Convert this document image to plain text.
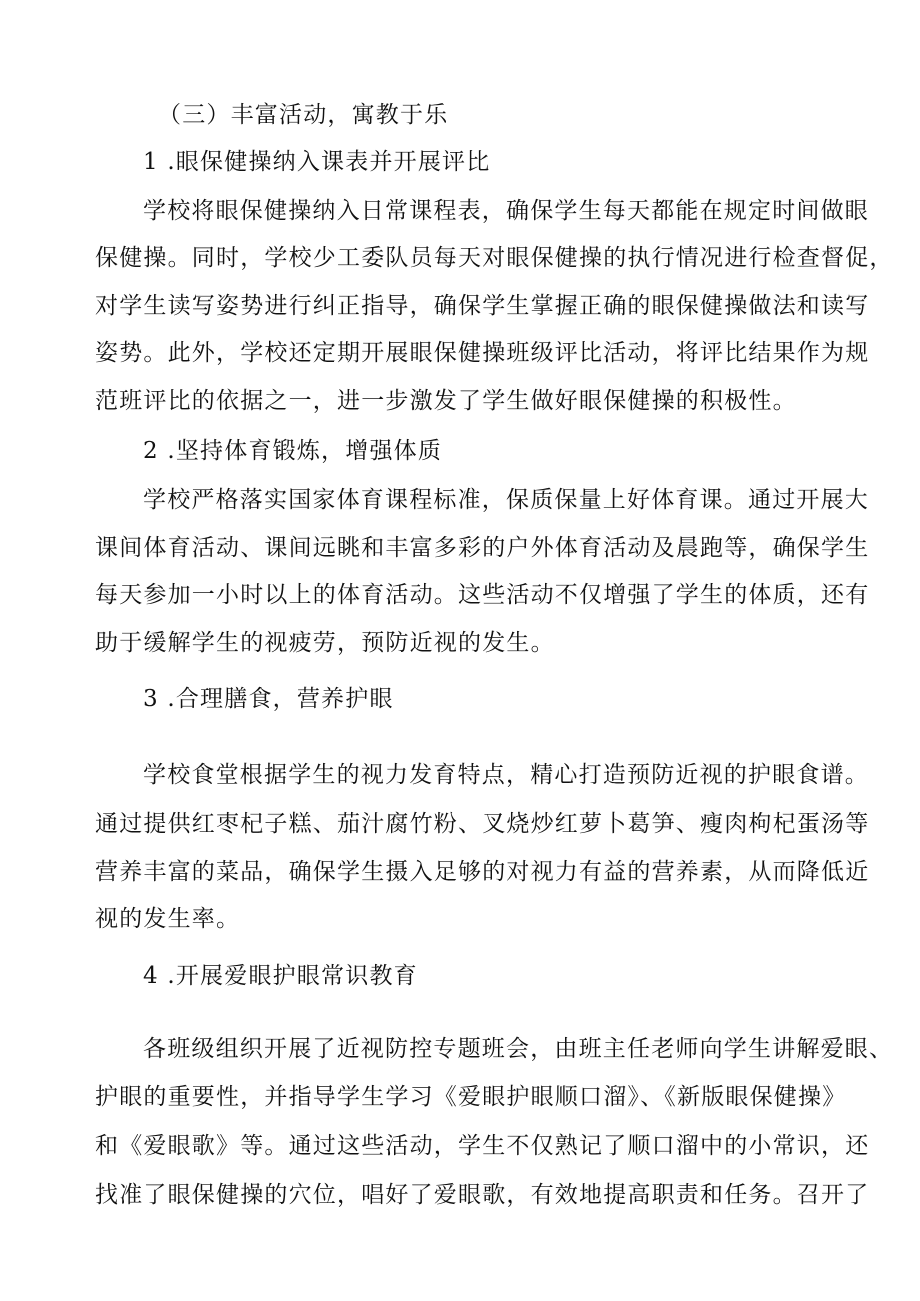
（三）丰富活动，寓教于乐
1 .眼保健操纳入课表并开展评比
学校将眼保健操纳入日常课程表，确保学生每天都能在规定时间做眼
保健操。同时，学校少工委队员每天对眼保健操的执行情况进行检查督促，
对学生读写姿势进行纠正指导，确保学生掌握正确的眼保健操做法和读写
姿势。此外，学校还定期开展眼保健操班级评比活动，将评比结果作为规
范班评比的依据之一，进一步激发了学生做好眼保健操的积极性。
2 .坚持体育锻炼，增强体质
学校严格落实国家体育课程标准，保质保量上好体育课。通过开展大
课间体育活动、课间远眺和丰富多彩的户外体育活动及晨跑等，确保学生
每天参加一小时以上的体育活动。这些活动不仅增强了学生的体质，还有
助于缓解学生的视疲劳，预防近视的发生。
3 .合理膳食，营养护眼
学校食堂根据学生的视力发育特点，精心打造预防近视的护眼食谱。
通过提供红枣杞子糕、茄汁腐竹粉、叉烧炒红萝卜葛笋、瘦肉枸杞蛋汤等
营养丰富的菜品，确保学生摄入足够的对视力有益的营养素，从而降低近
视的发生率。
4 .开展爱眼护眼常识教育
各班级组织开展了近视防控专题班会，由班主任老师向学生讲解爱眼、
护眼的重要性，并指导学生学习《爱眼护眼顺口溜》、《新版眼保健操》
和《爱眼歌》等。通过这些活动，学生不仅熟记了顺口溜中的小常识，还
找准了眼保健操的穴位，唱好了爱眼歌，有效地提高职责和任务。召开了
